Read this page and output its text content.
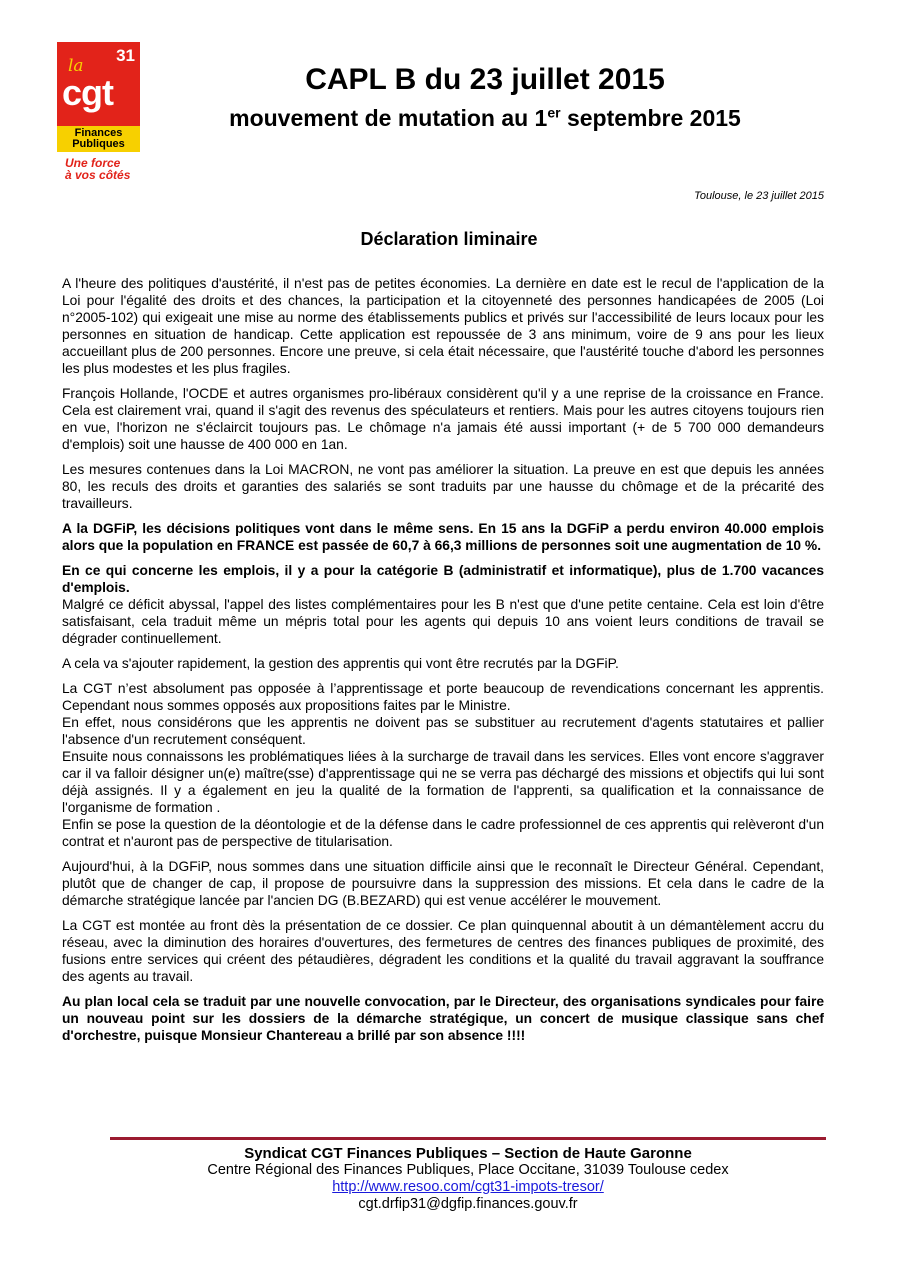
31
la
cgt
Finances
Publiques
Une force
à vos côtés
CAPL B du 23 juillet 2015
mouvement de mutation au 1er septembre 2015
Toulouse, le 23 juillet 2015
Déclaration liminaire

A l'heure des politiques d'austérité, il n'est pas de petites économies. La dernière en date est le recul de l'application de la Loi pour l'égalité des droits et des chances, la participation et la citoyenneté des personnes handicapées de 2005 (Loi n°2005-102) qui exigeait une mise au norme des établissements publics et privés sur l'accessibilité de leurs locaux pour les personnes en situation de handicap. Cette application est repoussée de 3 ans minimum, voire de 9 ans pour les lieux accueillant plus de 200 personnes. Encore une preuve, si cela était nécessaire, que l'austérité touche d'abord les personnes les plus modestes et les plus fragiles.

François Hollande, l'OCDE et autres organismes pro-libéraux considèrent qu'il y a une reprise de la croissance en France. Cela est clairement vrai, quand il s'agit des revenus des spéculateurs et rentiers. Mais pour les autres citoyens toujours rien en vue, l'horizon ne s'éclaircit toujours pas. Le chômage n'a jamais été aussi important (+ de 5 700 000 demandeurs d'emplois) soit une hausse de 400 000 en 1an.

Les mesures contenues dans la Loi MACRON, ne vont pas améliorer la situation. La preuve en est que depuis les années 80, les reculs des droits et garanties des salariés se sont traduits par une hausse du chômage et de la précarité des travailleurs.

A la DGFiP, les décisions politiques vont dans le même sens. En 15 ans la DGFiP a perdu environ 40.000 emplois alors que la population en FRANCE est passée de 60,7 à 66,3 millions de personnes soit une augmentation de 10 %.

En ce qui concerne les emplois, il y a pour la catégorie B (administratif et informatique), plus de 1.700 vacances d'emplois.

Malgré ce déficit abyssal, l'appel des listes complémentaires pour les B n'est que d'une petite centaine. Cela est loin d'être satisfaisant, cela traduit même un mépris total pour les agents qui depuis 10 ans voient leurs conditions de travail se dégrader continuellement.

A cela va s'ajouter rapidement, la gestion des apprentis qui vont être recrutés par la DGFiP.

La CGT n’est absolument pas opposée à l’apprentissage et porte beaucoup de revendications concernant les apprentis. Cependant nous sommes opposés aux propositions faites par le Ministre.

En effet, nous considérons que les apprentis ne doivent pas se substituer au recrutement d'agents statutaires et pallier l'absence d'un recrutement conséquent.

Ensuite nous connaissons les problématiques liées à la surcharge de travail dans les services. Elles vont encore s'aggraver car il va falloir désigner un(e) maître(sse) d'apprentissage qui ne se verra pas déchargé des missions et objectifs qui lui sont déjà assignés. Il y a également en jeu la qualité de la formation de l'apprenti, sa qualification et la connaissance de l'organisme de formation .

Enfin se pose la question de la déontologie et de la défense dans le cadre professionnel de ces apprentis qui relèveront d'un contrat et n'auront pas de perspective de titularisation.

Aujourd'hui, à la DGFiP, nous sommes dans une situation difficile ainsi que le reconnaît le Directeur Général. Cependant, plutôt que de changer de cap, il propose de poursuivre dans la suppression des missions. Et cela dans le cadre de la démarche stratégique lancée par l'ancien DG (B.BEZARD) qui est venue accélérer le mouvement.

La CGT est montée au front dès la présentation de ce dossier. Ce plan quinquennal aboutit à un démantèlement accru du réseau, avec la diminution des horaires d'ouvertures, des fermetures de centres des finances publiques de proximité, des fusions entre services qui créent des pétaudières, dégradent les conditions et la qualité du travail aggravant la souffrance des agents au travail.

Au plan local cela se traduit par une nouvelle convocation, par le Directeur, des organisations syndicales pour faire un nouveau point sur les dossiers de la démarche stratégique, un concert de musique classique sans chef d'orchestre, puisque Monsieur Chantereau a brillé par son absence !!!!

Syndicat CGT Finances Publiques – Section de Haute Garonne
Centre Régional des Finances Publiques, Place Occitane, 31039 Toulouse cedex
http://www.resoo.com/cgt31-impots-tresor/
cgt.drfip31@dgfip.finances.gouv.fr
